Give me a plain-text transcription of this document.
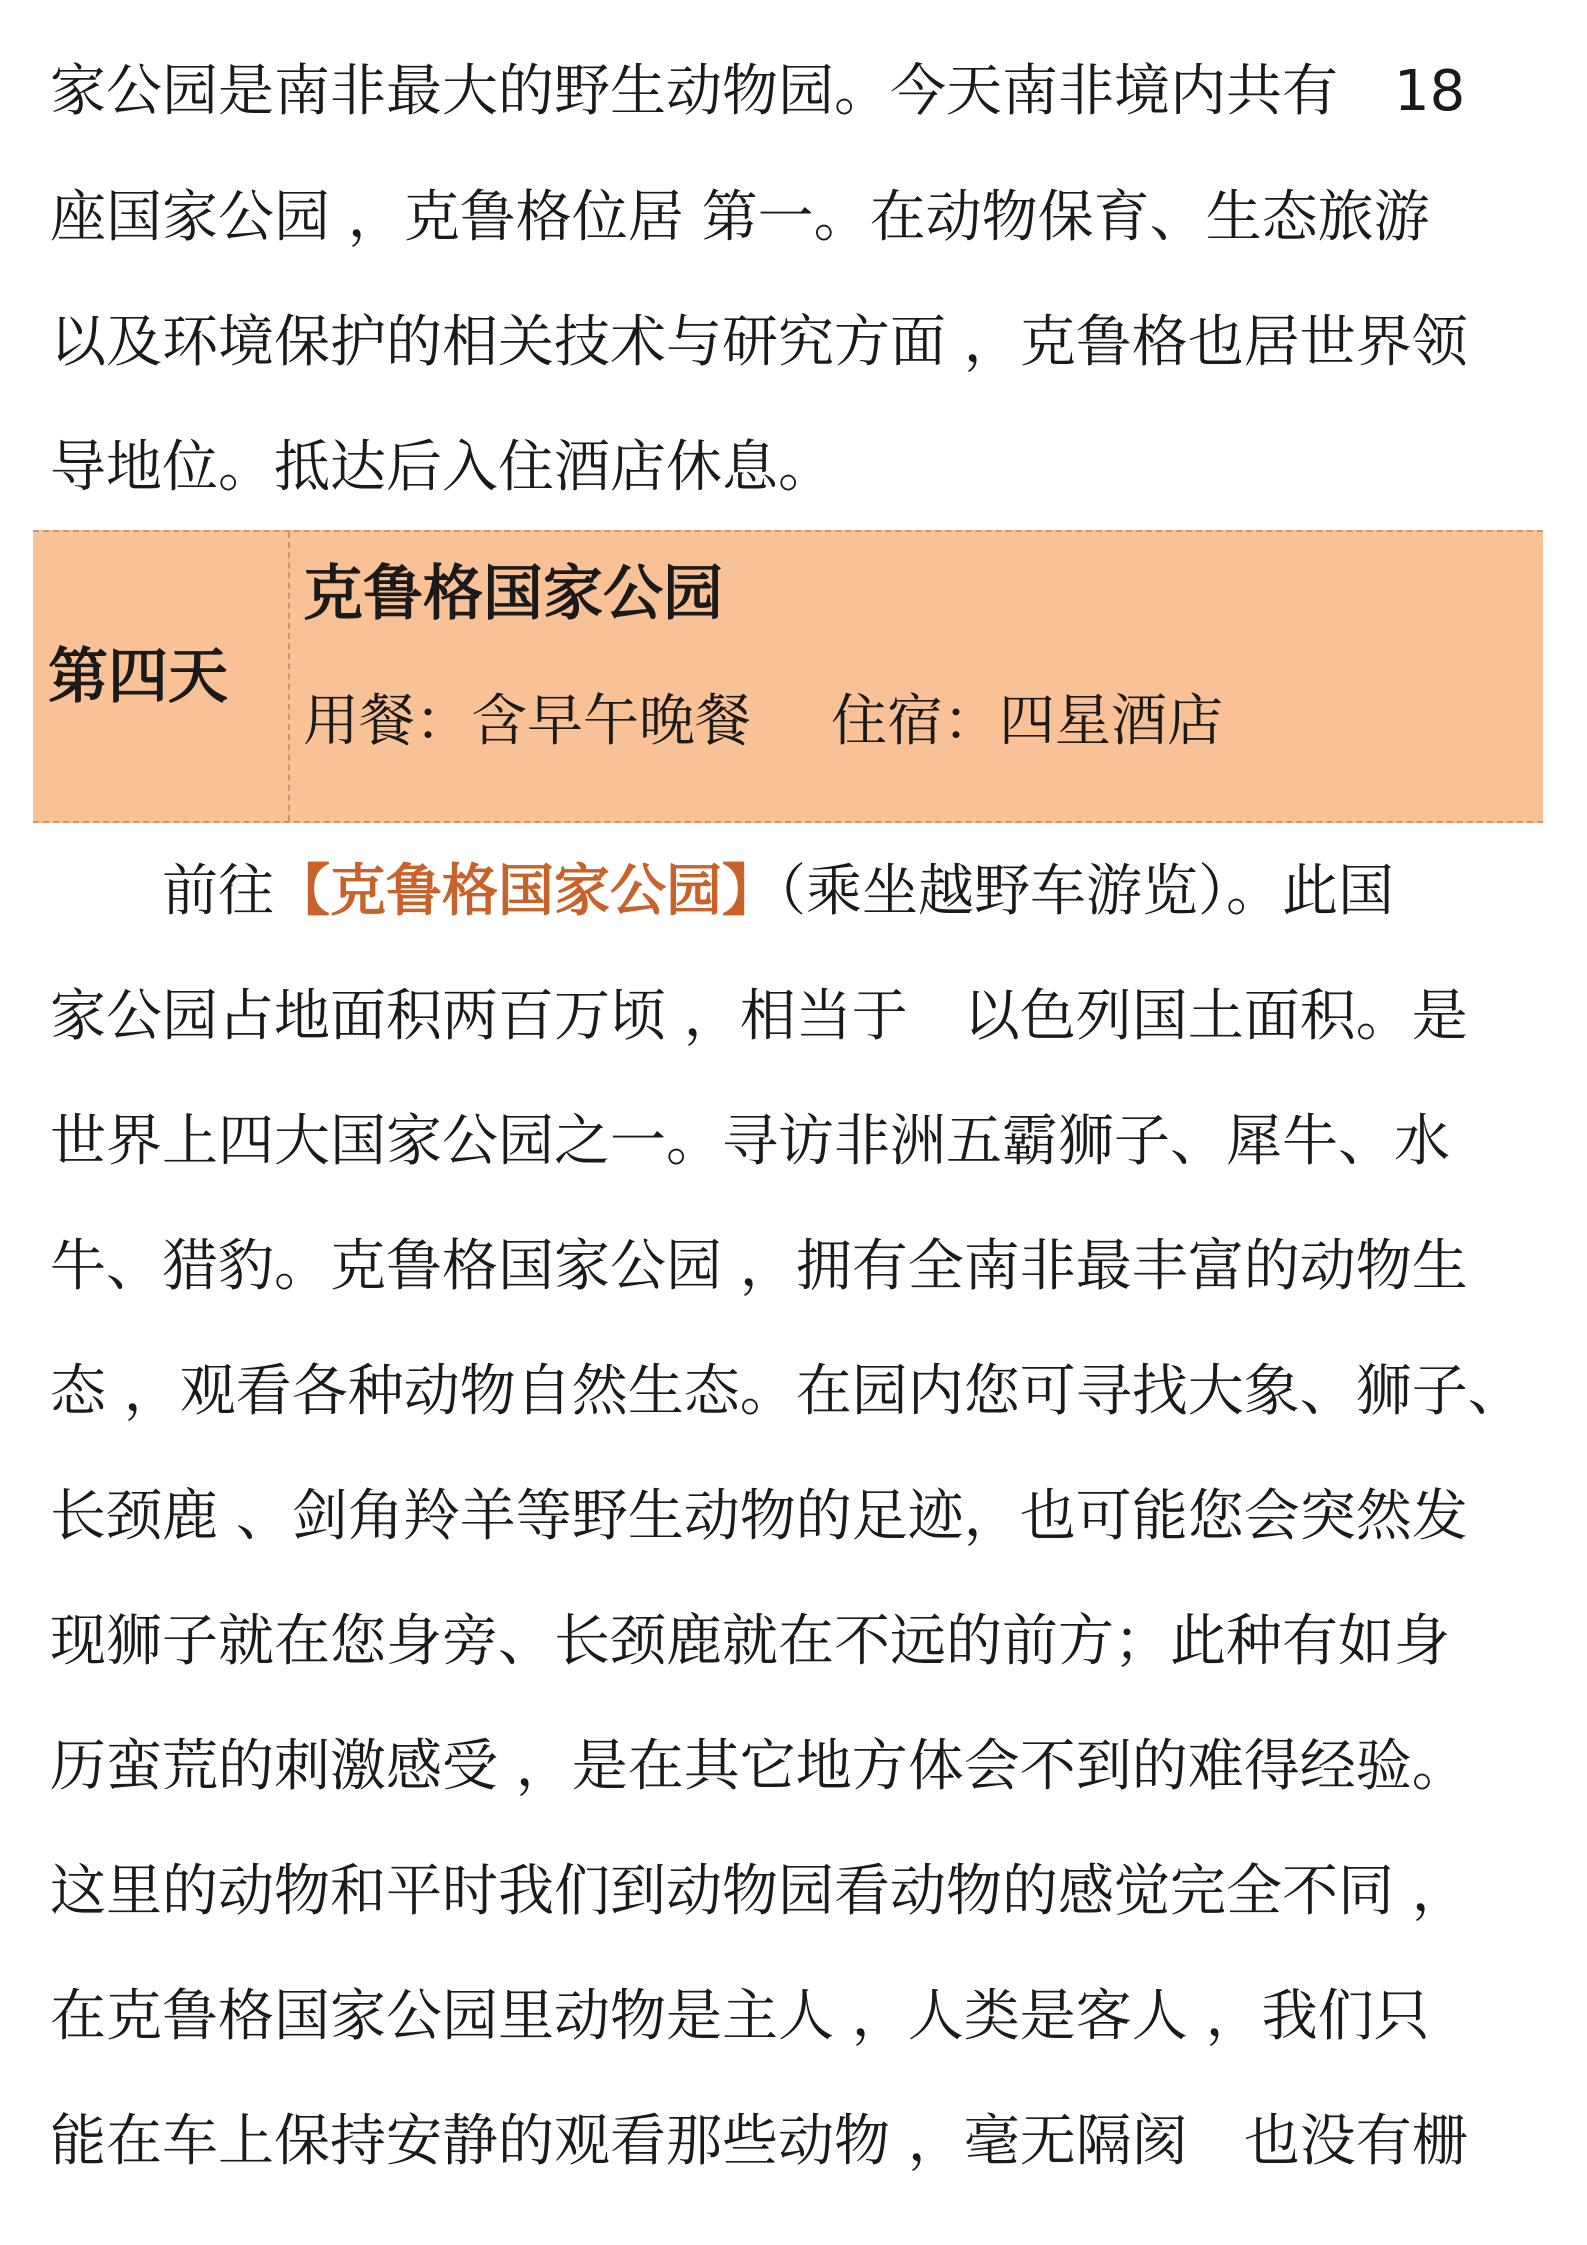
家公园是南非最大的野生动物园。今天南非境内共有　18
座国家公园 ，克鲁格位居 第一。在动物保育、生态旅游
以及环境保护的相关技术与研究方面 ，克鲁格也居世界领
导地位。抵达后入住酒店休息。
第四天
克鲁格国家公园
用餐：含早午晚餐 住宿：四星酒店
前往【克鲁格国家公园】（乘坐越野车游览）。此国
家公园占地面积两百万顷 ，相当于　以色列国土面积。是
世界上四大国家公园之一。寻访非洲五霸狮子、犀牛、水
牛、猎豹。克鲁格国家公园 ，拥有全南非最丰富的动物生
态 ，观看各种动物自然生态。在园内您可寻找大象、狮子、
长颈鹿 、剑角羚羊等野生动物的足迹，也可能您会突然发
现狮子就在您身旁、长颈鹿就在不远的前方；此种有如身
历蛮荒的刺激感受 ，是在其它地方体会不到的难得经验。
这里的动物和平时我们到动物园看动物的感觉完全不同 ，
在克鲁格国家公园里动物是主人 ，人类是客人 ，我们只
能在车上保持安静的观看那些动物 ，毫无隔阂　也没有栅
